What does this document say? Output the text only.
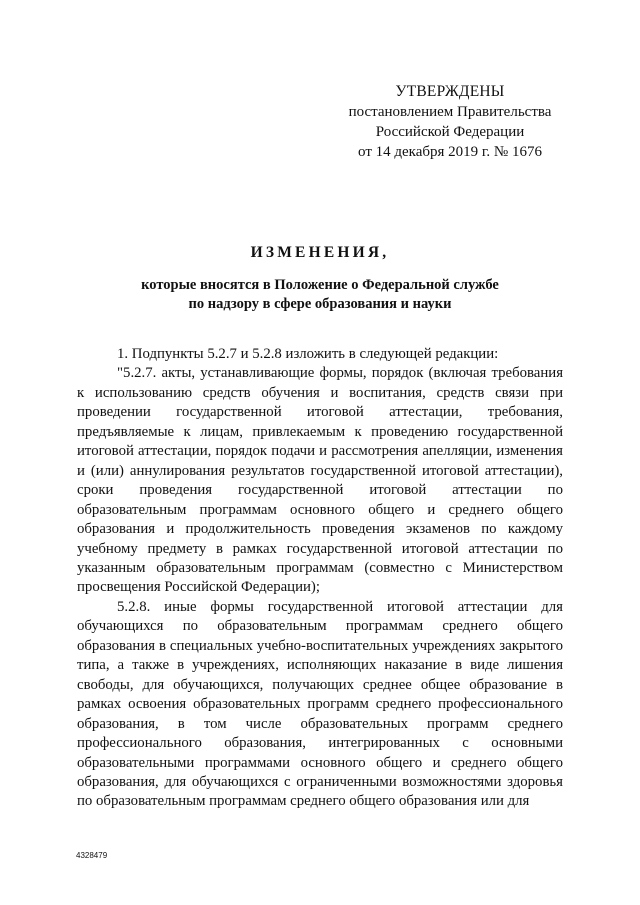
УТВЕРЖДЕНЫ
постановлением Правительства
Российской Федерации
от 14 декабря 2019 г. № 1676
ИЗМЕНЕНИЯ,
которые вносятся в Положение о Федеральной службе
по надзору в сфере образования и науки

1. Подпункты 5.2.7 и 5.2.8 изложить в следующей редакции:

"5.2.7. акты, устанавливающие формы, порядок (включая требования к использованию средств обучения и воспитания, средств связи при проведении государственной итоговой аттестации, требования, предъявляемые к лицам, привлекаемым к проведению государственной итоговой аттестации, порядок подачи и рассмотрения апелляции, изменения и (или) аннулирования результатов государственной итоговой аттестации), сроки проведения государственной итоговой аттестации по образовательным программам основного общего и среднего общего образования и продолжительность проведения экзаменов по каждому учебному предмету в рамках государственной итоговой аттестации по указанным образовательным программам (совместно с Министерством просвещения Российской Федерации);

5.2.8. иные формы государственной итоговой аттестации для обучающихся по образовательным программам среднего общего образования в специальных учебно-воспитательных учреждениях закрытого типа, а также в учреждениях, исполняющих наказание в виде лишения свободы, для обучающихся, получающих среднее общее образование в рамках освоения образовательных программ среднего профессионального образования, в том числе образовательных программ среднего профессионального образования, интегрированных с основными образовательными программами основного общего и среднего общего образования, для обучающихся с ограниченными возможностями здоровья по образовательным программам среднего общего образования или для

4328479
